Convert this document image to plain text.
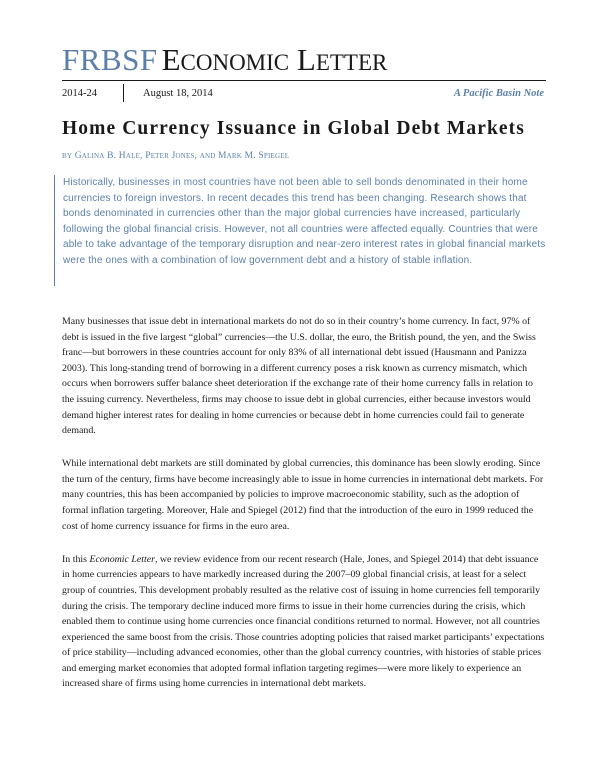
FRBSF ECONOMIC LETTER
2014-24	August 18, 2014	A Pacific Basin Note
Home Currency Issuance in Global Debt Markets
by Galina B. Hale, Peter Jones, and Mark M. Spiegel

Historically, businesses in most countries have not been able to sell bonds denominated in their home currencies to foreign investors. In recent decades this trend has been changing. Research shows that bonds denominated in currencies other than the major global currencies have increased, particularly following the global financial crisis. However, not all countries were affected equally. Countries that were able to take advantage of the temporary disruption and near-zero interest rates in global financial markets were the ones with a combination of low government debt and a history of stable inflation.

Many businesses that issue debt in international markets do not do so in their country’s home currency. In fact, 97% of debt is issued in the five largest “global” currencies—the U.S. dollar, the euro, the British pound, the yen, and the Swiss franc—but borrowers in these countries account for only 83% of all international debt issued (Hausmann and Panizza 2003). This long-standing trend of borrowing in a different currency poses a risk known as currency mismatch, which occurs when borrowers suffer balance sheet deterioration if the exchange rate of their home currency falls in relation to the issuing currency. Nevertheless, firms may choose to issue debt in global currencies, either because investors would demand higher interest rates for dealing in home currencies or because debt in home currencies could fail to generate demand.

While international debt markets are still dominated by global currencies, this dominance has been slowly eroding. Since the turn of the century, firms have become increasingly able to issue in home currencies in international debt markets. For many countries, this has been accompanied by policies to improve macroeconomic stability, such as the adoption of formal inflation targeting. Moreover, Hale and Spiegel (2012) find that the introduction of the euro in 1999 reduced the cost of home currency issuance for firms in the euro area.

In this Economic Letter, we review evidence from our recent research (Hale, Jones, and Spiegel 2014) that debt issuance in home currencies appears to have markedly increased during the 2007–09 global financial crisis, at least for a select group of countries. This development probably resulted as the relative cost of issuing in home currencies fell temporarily during the crisis. The temporary decline induced more firms to issue in their home currencies during the crisis, which enabled them to continue using home currencies once financial conditions returned to normal. However, not all countries experienced the same boost from the crisis. Those countries adopting policies that raised market participants’ expectations of price stability—including advanced economies, other than the global currency countries, with histories of stable prices and emerging market economies that adopted formal inflation targeting regimes—were more likely to experience an increased share of firms using home currencies in international debt markets.
